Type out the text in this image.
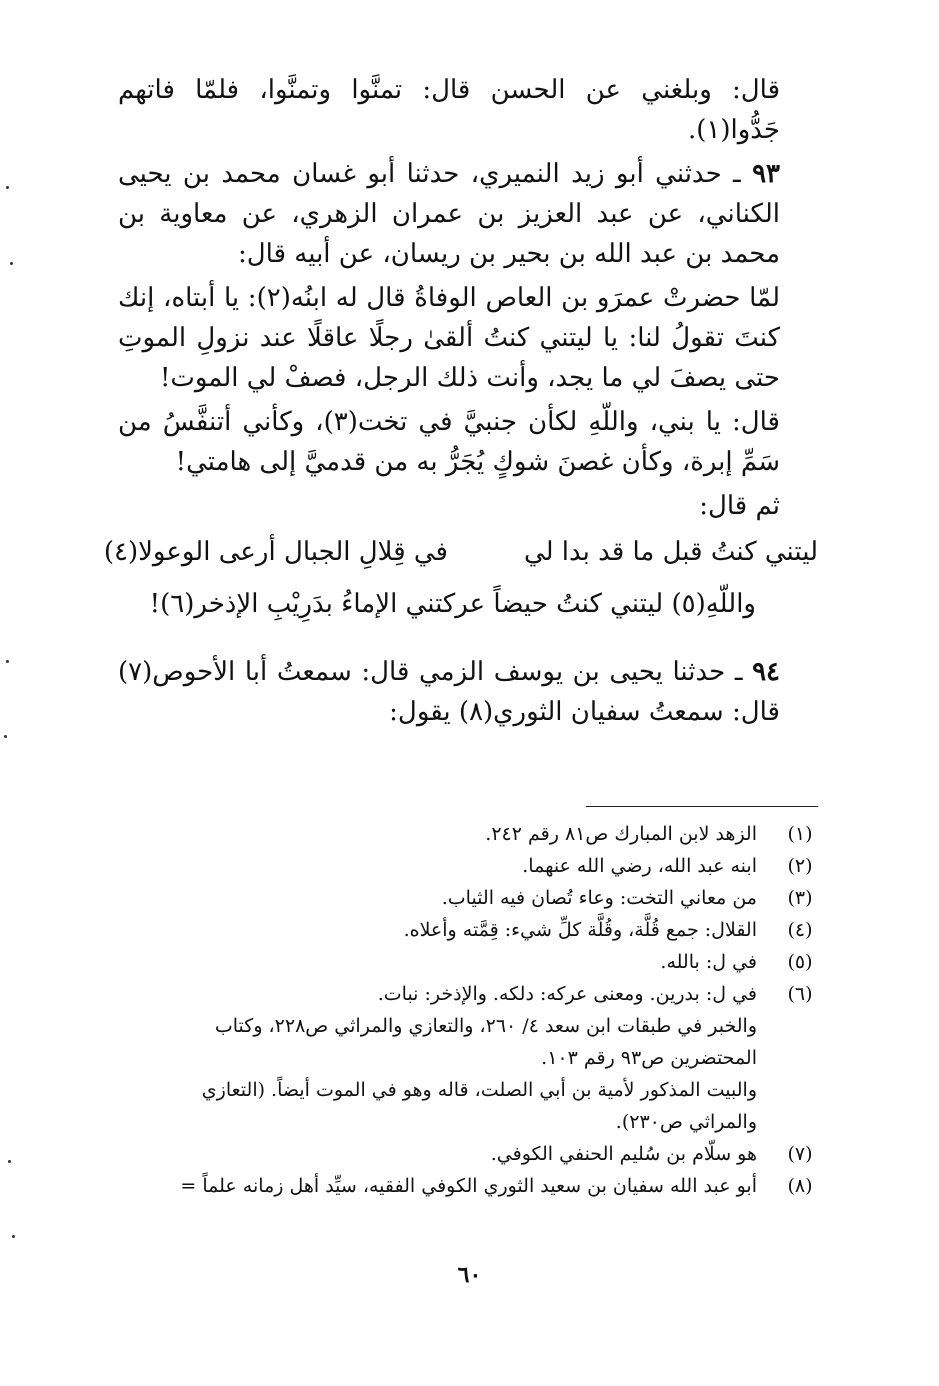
قال: وبلغني عن الحسن قال: تمنَّوا وتمنَّوا، فلمّا فاتهم جَدُّوا(١).

٩٣ ـ حدثني أبو زيد النميري، حدثنا أبو غسان محمد بن يحيى الكناني، عن عبد العزيز بن عمران الزهري، عن معاوية بن محمد بن عبد الله بن بحير بن ريسان، عن أبيه قال:

لمّا حضرتْ عمرَو بن العاص الوفاةُ قال له ابنُه(٢): يا أبتاه، إنك كنتَ تقولُ لنا: يا ليتني كنتُ ألقىٰ رجلًا عاقلًا عند نزولِ الموتِ حتى يصفَ لي ما يجد، وأنت ذلك الرجل، فصفْ لي الموت!

قال: يا بني، واللّهِ لكأن جنبيَّ في تخت(٣)، وكأني أتنفَّسُ من سَمِّ إبرة، وكأن غصنَ شوكٍ يُجَرُّ به من قدميَّ إلى هامتي!

ثم قال:

ليتني كنتُ قبل ما قد بدا لي
في قِلالِ الجبال أرعى الوعولا(٤)
واللّهِ(٥) ليتني كنتُ حيضاً عركتني الإماءُ بدَرِيْبِ الإذخر(٦)!

٩٤ ـ حدثنا يحيى بن يوسف الزمي قال: سمعتُ أبا الأحوص(٧) قال: سمعتُ سفيان الثوري(٨) يقول:

(١)
الزهد لابن المبارك ص٨١ رقم ٢٤٢.
(٢)
ابنه عبد الله، رضي الله عنهما.
(٣)
من معاني التخت: وعاء تُصان فيه الثياب.
(٤)
القلال: جمع قُلَّة، وقُلَّة كلِّ شيء: قِمَّته وأعلاه.
(٥)
في ل: بالله.
(٦)
في ل: بدرين. ومعنى عركه: دلكه. والإذخر: نبات.
والخبر في طبقات ابن سعد ٤/ ٢٦٠، والتعازي والمراثي ص٢٢٨، وكتاب المحتضرين ص٩٣ رقم ١٠٣.
والبيت المذكور لأمية بن أبي الصلت، قاله وهو في الموت أيضاً. (التعازي والمراثي ص٢٣٠).
(٧)
هو سلّام بن سُليم الحنفي الكوفي.
(٨)
أبو عبد الله سفيان بن سعيد الثوري الكوفي الفقيه، سيِّد أهل زمانه علماً =
٦٠
